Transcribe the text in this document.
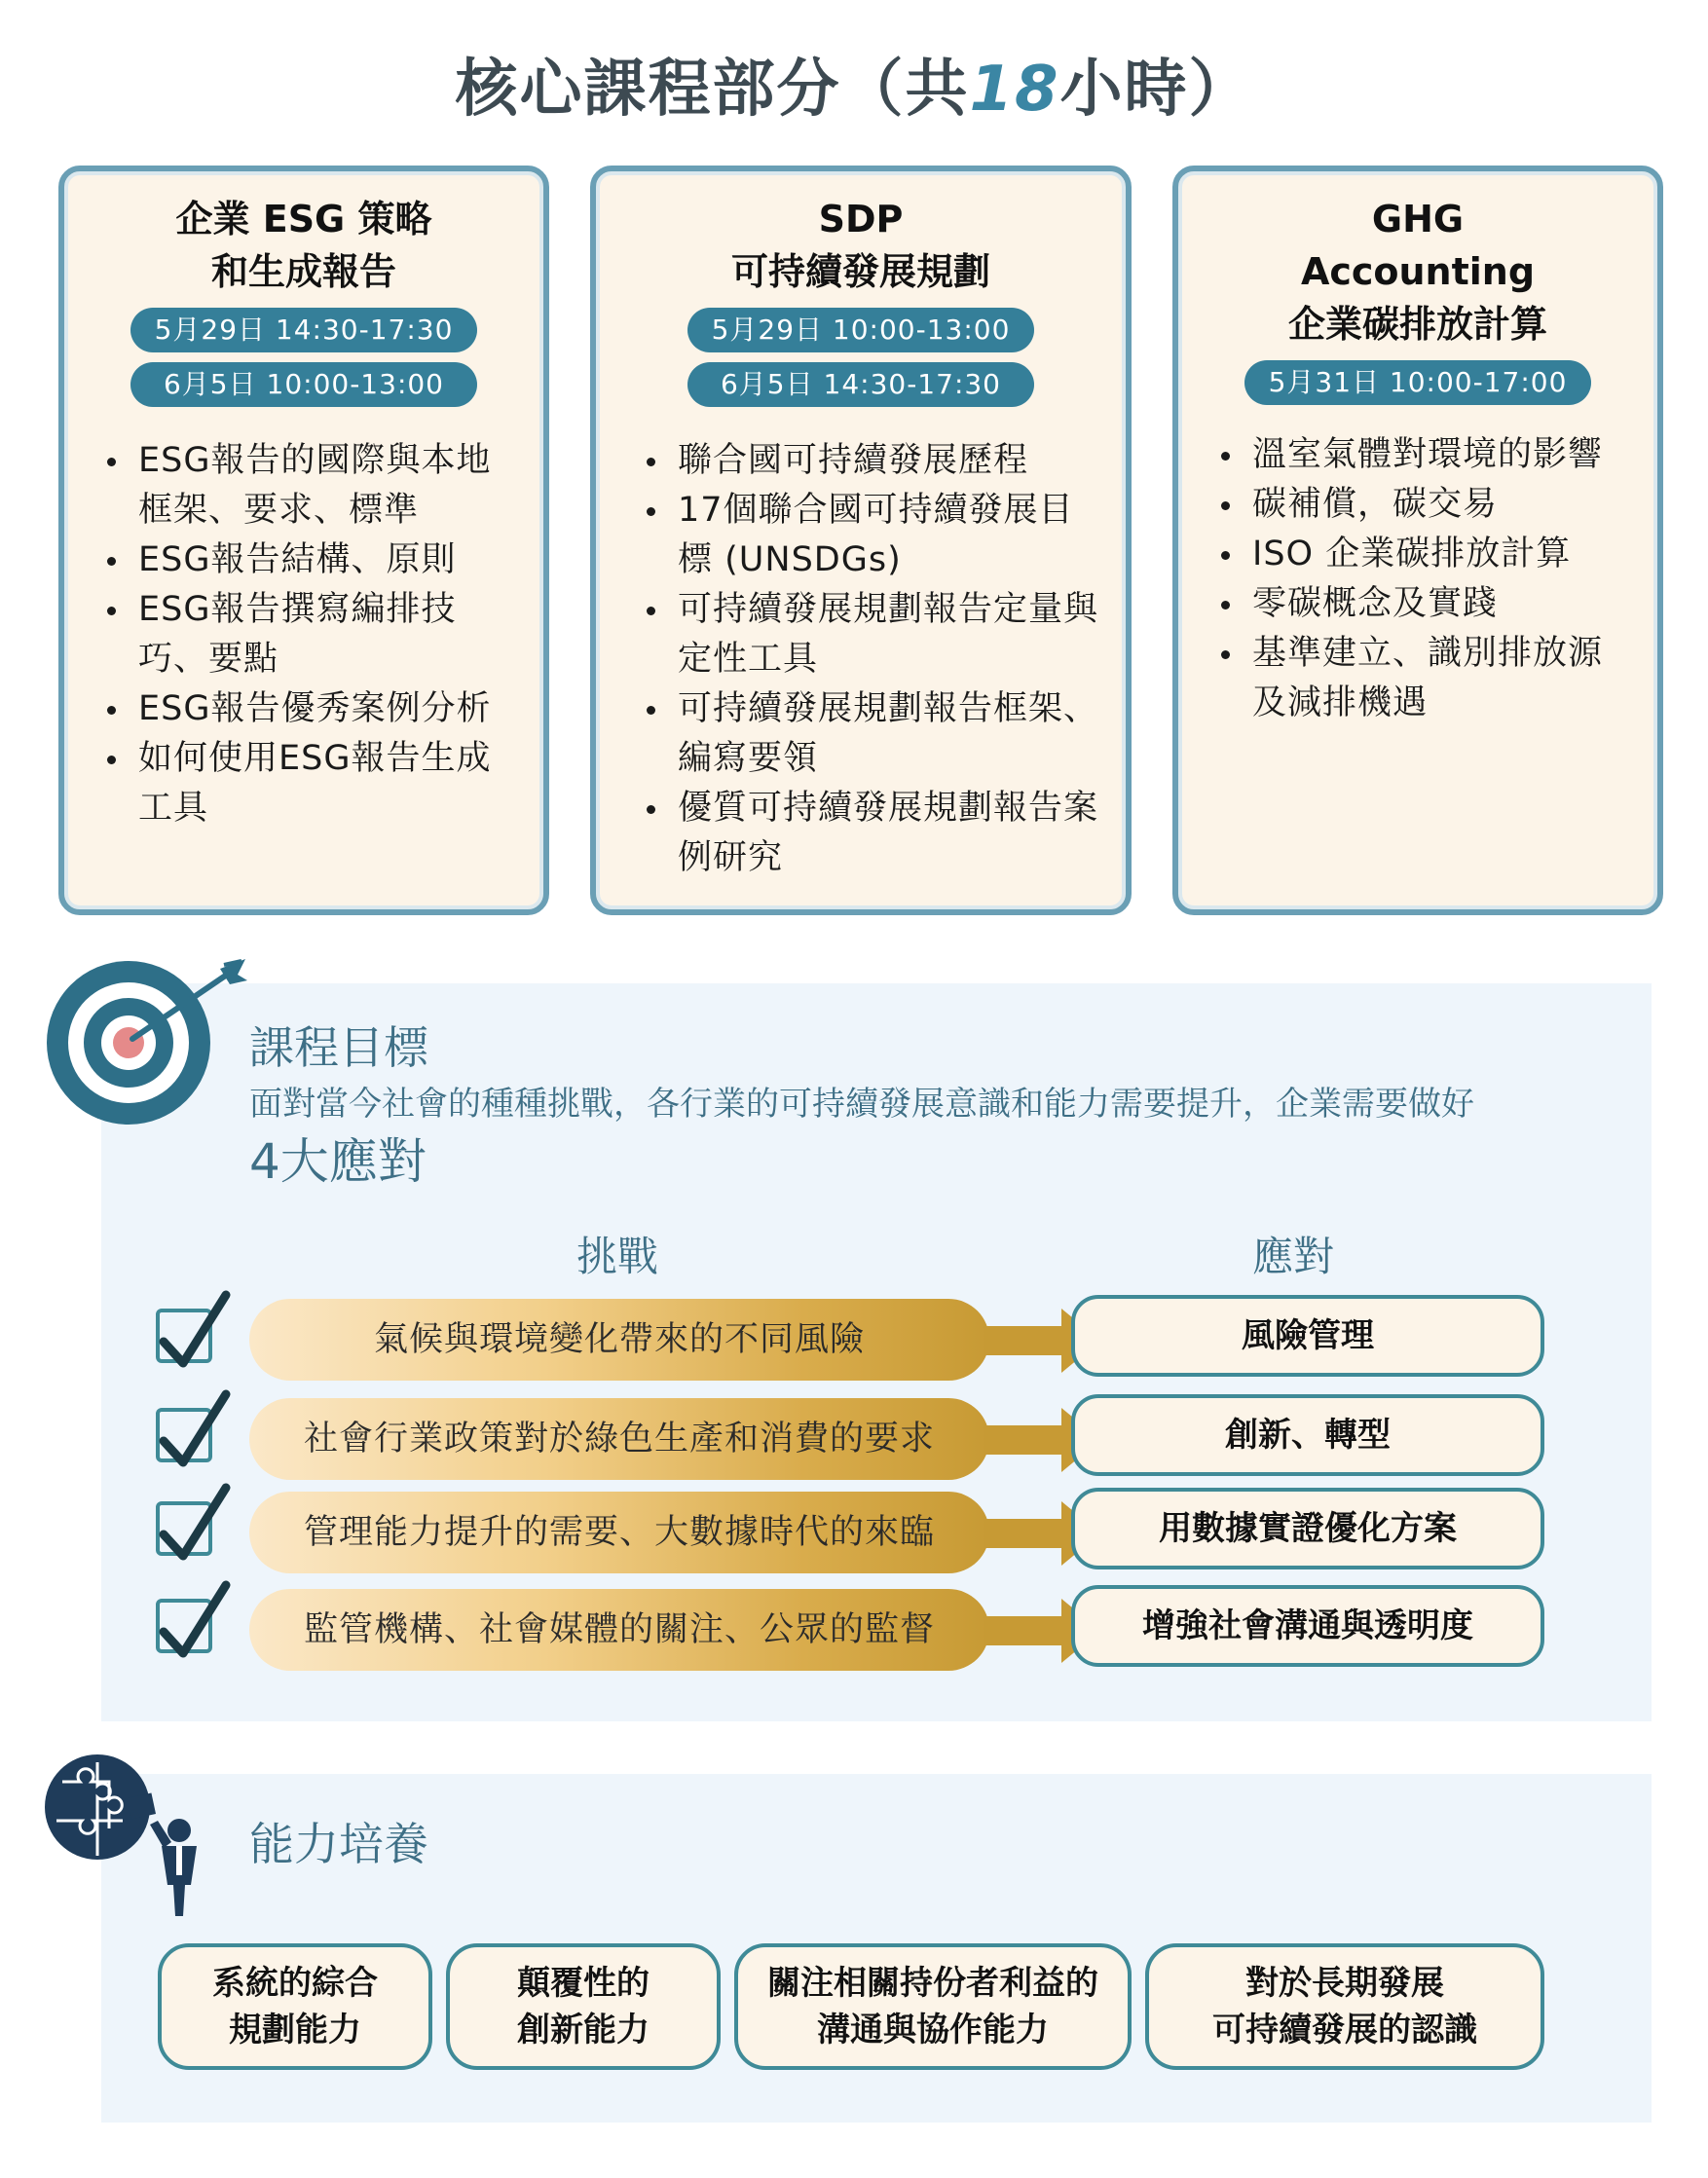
核心課程部分（共18小時）
企業 ESG 策略
和生成報告
5月29日 14:30-17:30
6月5日 10:00-13:00
ESG報告的國際與本地框架、要求、標準
ESG報告結構、原則
ESG報告撰寫編排技巧、要點
ESG報告優秀案例分析
如何使用ESG報告生成工具
SDP
可持續發展規劃
5月29日 10:00-13:00
6月5日 14:30-17:30
聯合國可持續發展歷程
17個聯合國可持續發展目標 (UNSDGs)
可持續發展規劃報告定量與定性工具
可持續發展規劃報告框架、編寫要領
優質可持續發展規劃報告案例研究
GHG
Accounting
企業碳排放計算
5月31日 10:00-17:00
溫室氣體對環境的影響
碳補償，碳交易
ISO 企業碳排放計算
零碳概念及實踐
基準建立、識別排放源及減排機遇
課程目標
面對當今社會的種種挑戰，各行業的可持續發展意識和能力需要提升，企業需要做好
4大應對
挑戰	應對
氣候與環境變化帶來的不同風險	風險管理
社會行業政策對於綠色生產和消費的要求	創新、轉型
管理能力提升的需要、大數據時代的來臨	用數據實證優化方案
監管機構、社會媒體的關注、公眾的監督	增強社會溝通與透明度
能力培養
系統的綜合
規劃能力
顛覆性的
創新能力
關注相關持份者利益的
溝通與協作能力
對於長期發展
可持續發展的認識
